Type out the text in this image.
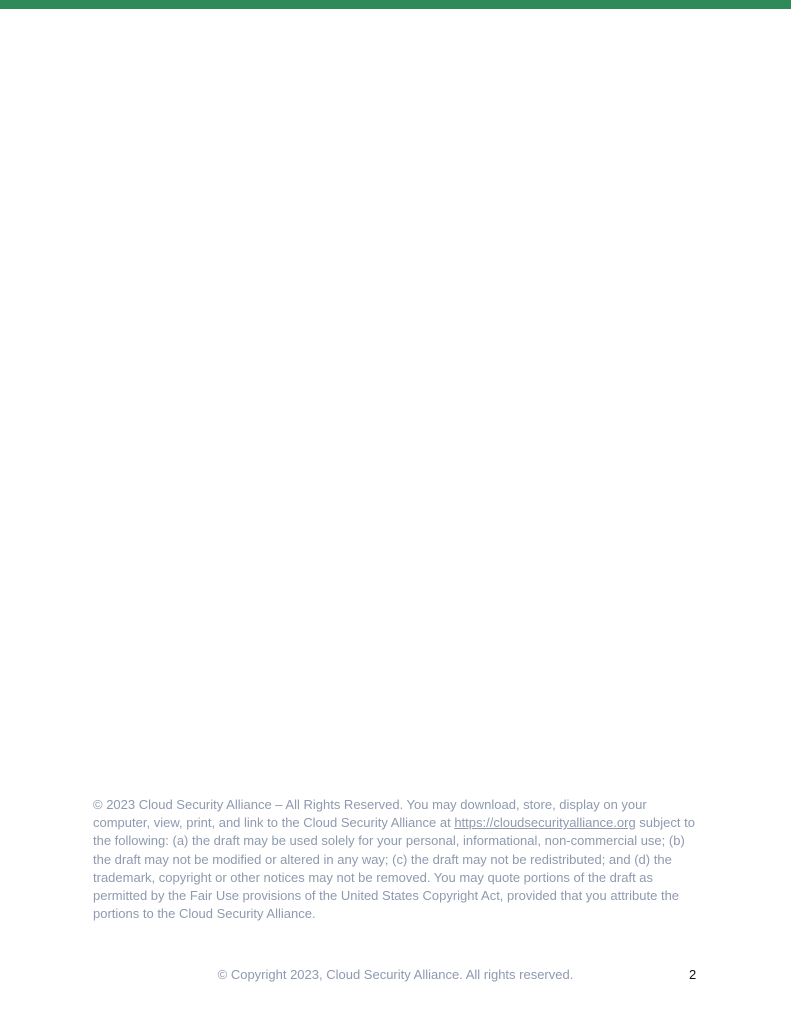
© 2023 Cloud Security Alliance – All Rights Reserved. You may download, store, display on your computer, view, print, and link to the Cloud Security Alliance at https://cloudsecurityalliance.org subject to the following: (a) the draft may be used solely for your personal, informational, non-commercial use; (b) the draft may not be modified or altered in any way; (c) the draft may not be redistributed; and (d) the trademark, copyright or other notices may not be removed. You may quote portions of the draft as permitted by the Fair Use provisions of the United States Copyright Act, provided that you attribute the portions to the Cloud Security Alliance.
© Copyright 2023, Cloud Security Alliance. All rights reserved.	2
